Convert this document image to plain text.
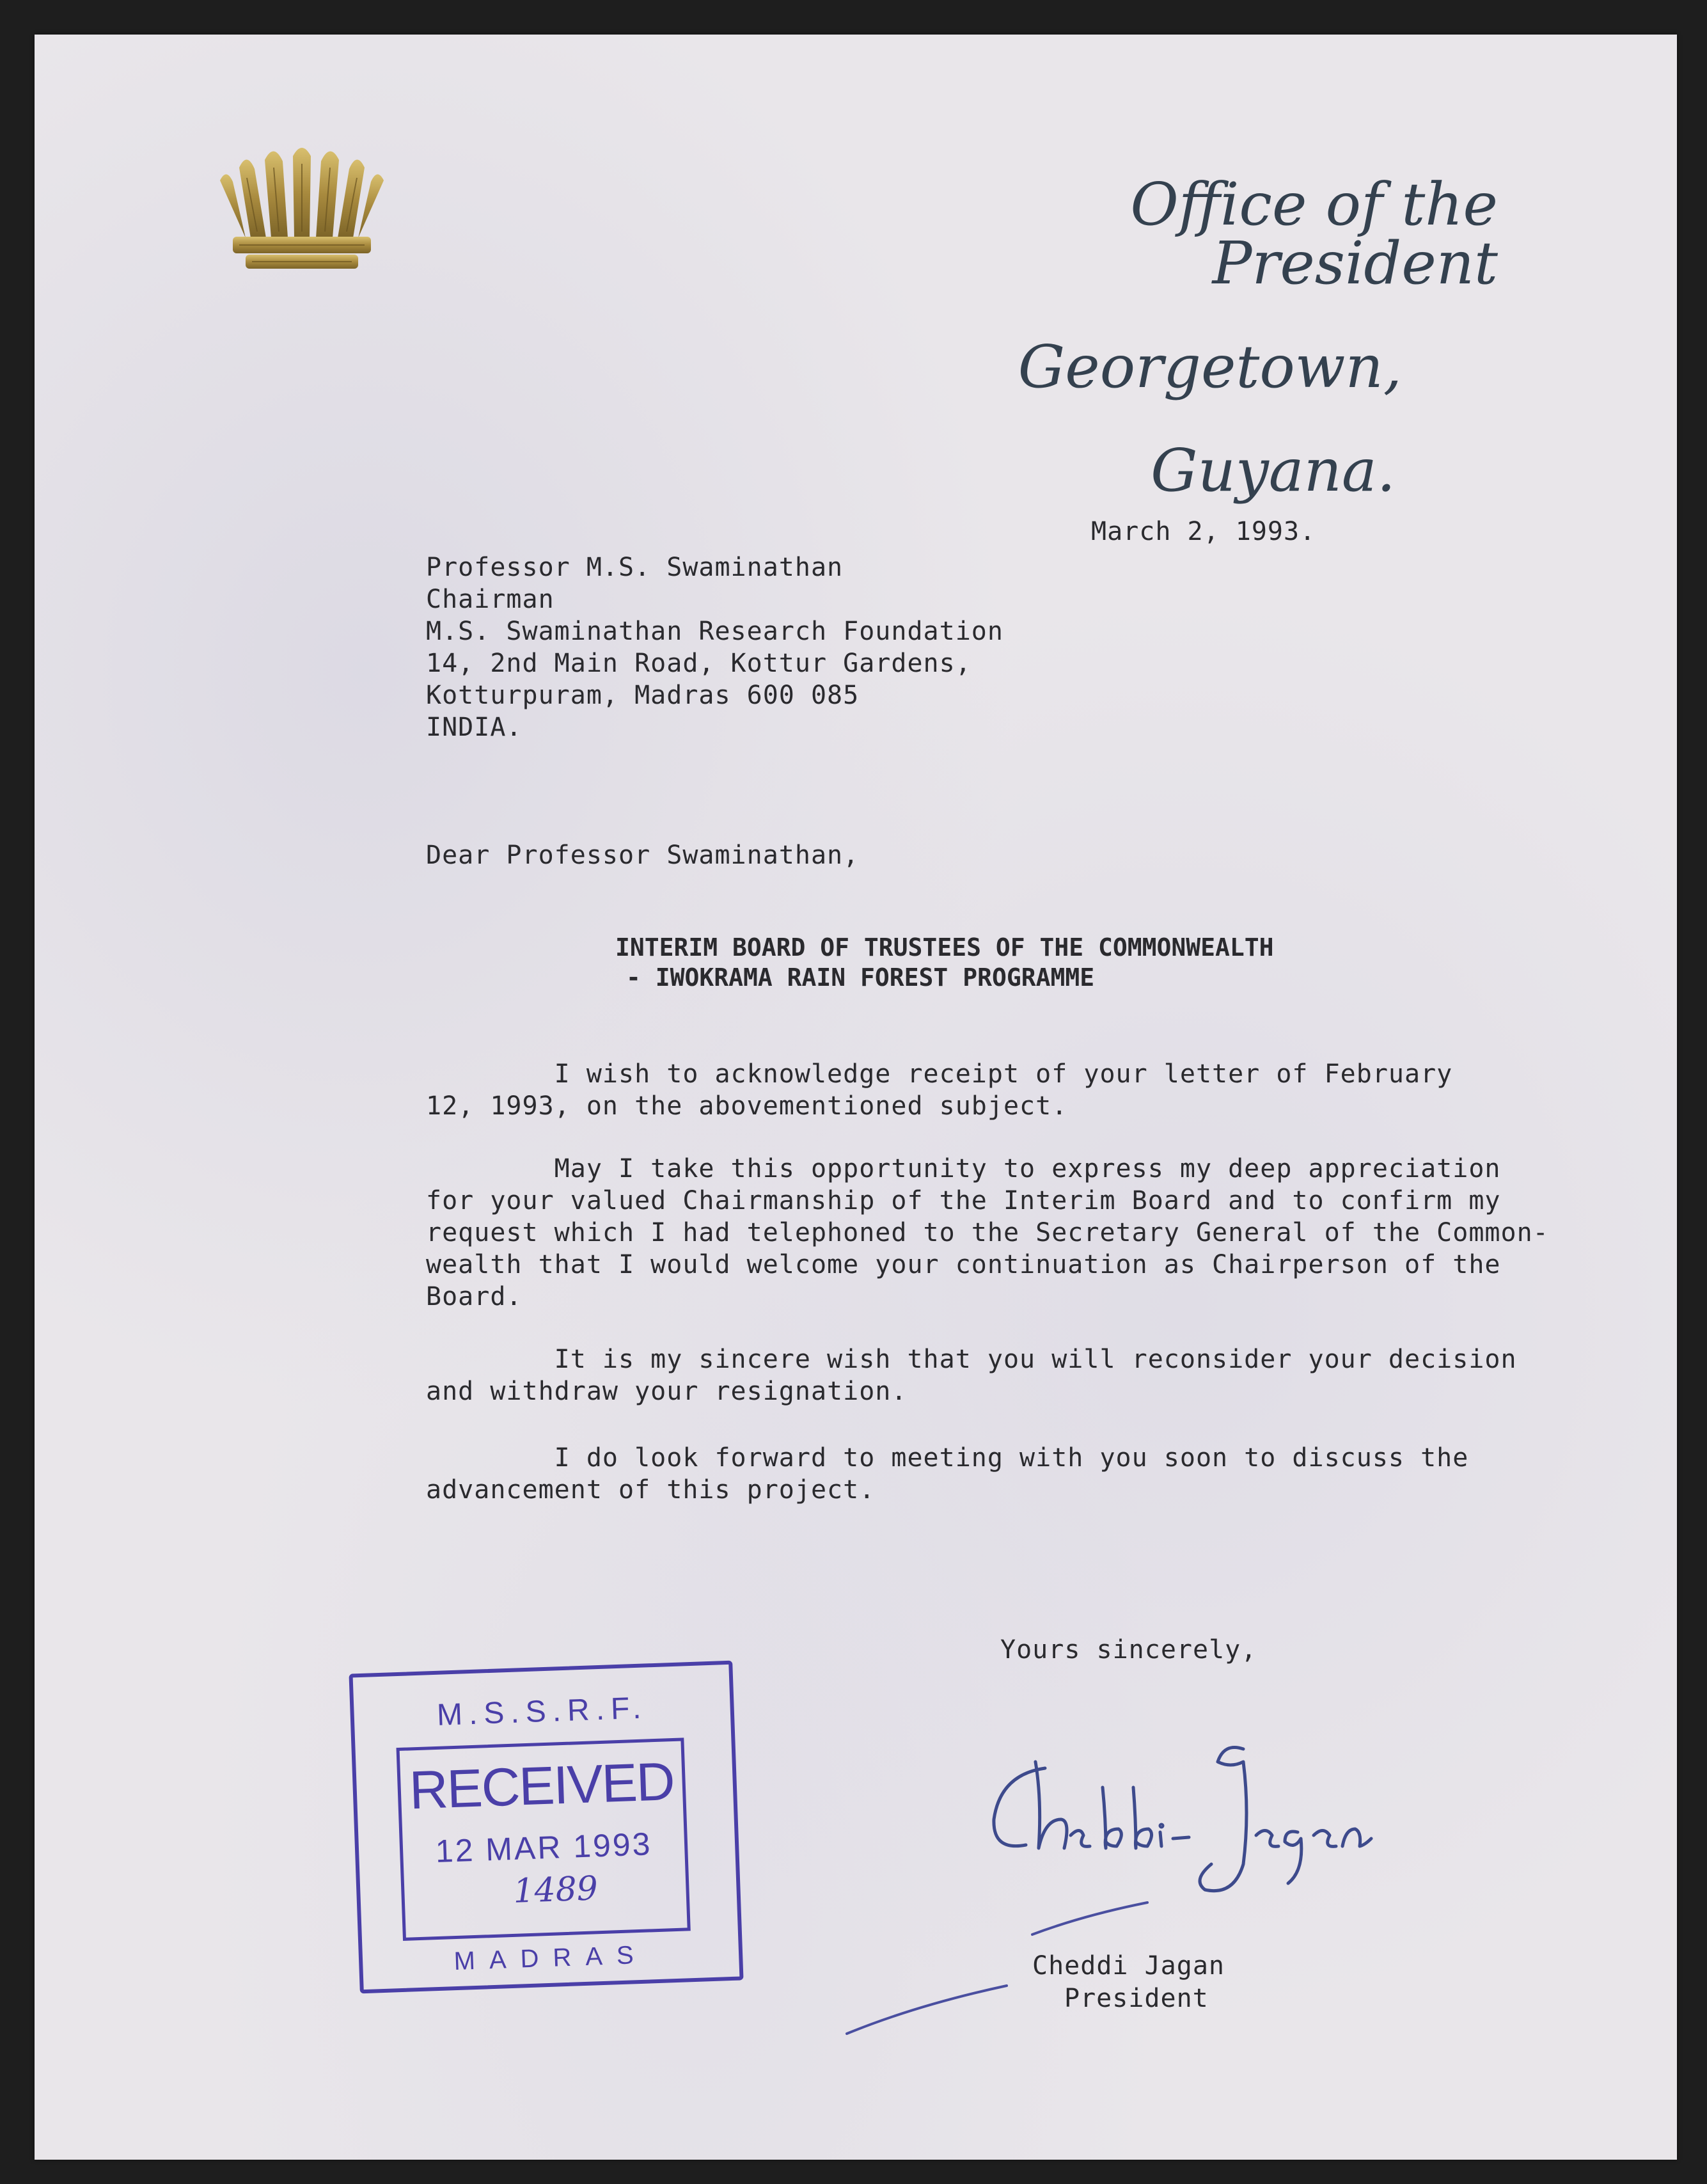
Office of the President
Georgetown,
Guyana.
March 2, 1993.
Professor M.S. Swaminathan
Chairman
M.S. Swaminathan Research Foundation
14, 2nd Main Road, Kottur Gardens,
Kotturpuram, Madras 600 085
INDIA.
Dear Professor Swaminathan,
INTERIM BOARD OF TRUSTEES OF THE COMMONWEALTH
- IWOKRAMA RAIN FOREST PROGRAMME
I wish to acknowledge receipt of your letter of February
12, 1993, on the abovementioned subject.
May I take this opportunity to express my deep appreciation
for your valued Chairmanship of the Interim Board and to confirm my
request which I had telephoned to the Secretary General of the Common-
wealth that I would welcome your continuation as Chairperson of the
Board.
It is my sincere wish that you will reconsider your decision
and withdraw your resignation.
I do look forward to meeting with you soon to discuss the
advancement of this project.
Yours sincerely,
Cheddi Jagan
President
M.S.S.R.F.
RECEIVED
12 MAR 1993
1489
MADRAS
